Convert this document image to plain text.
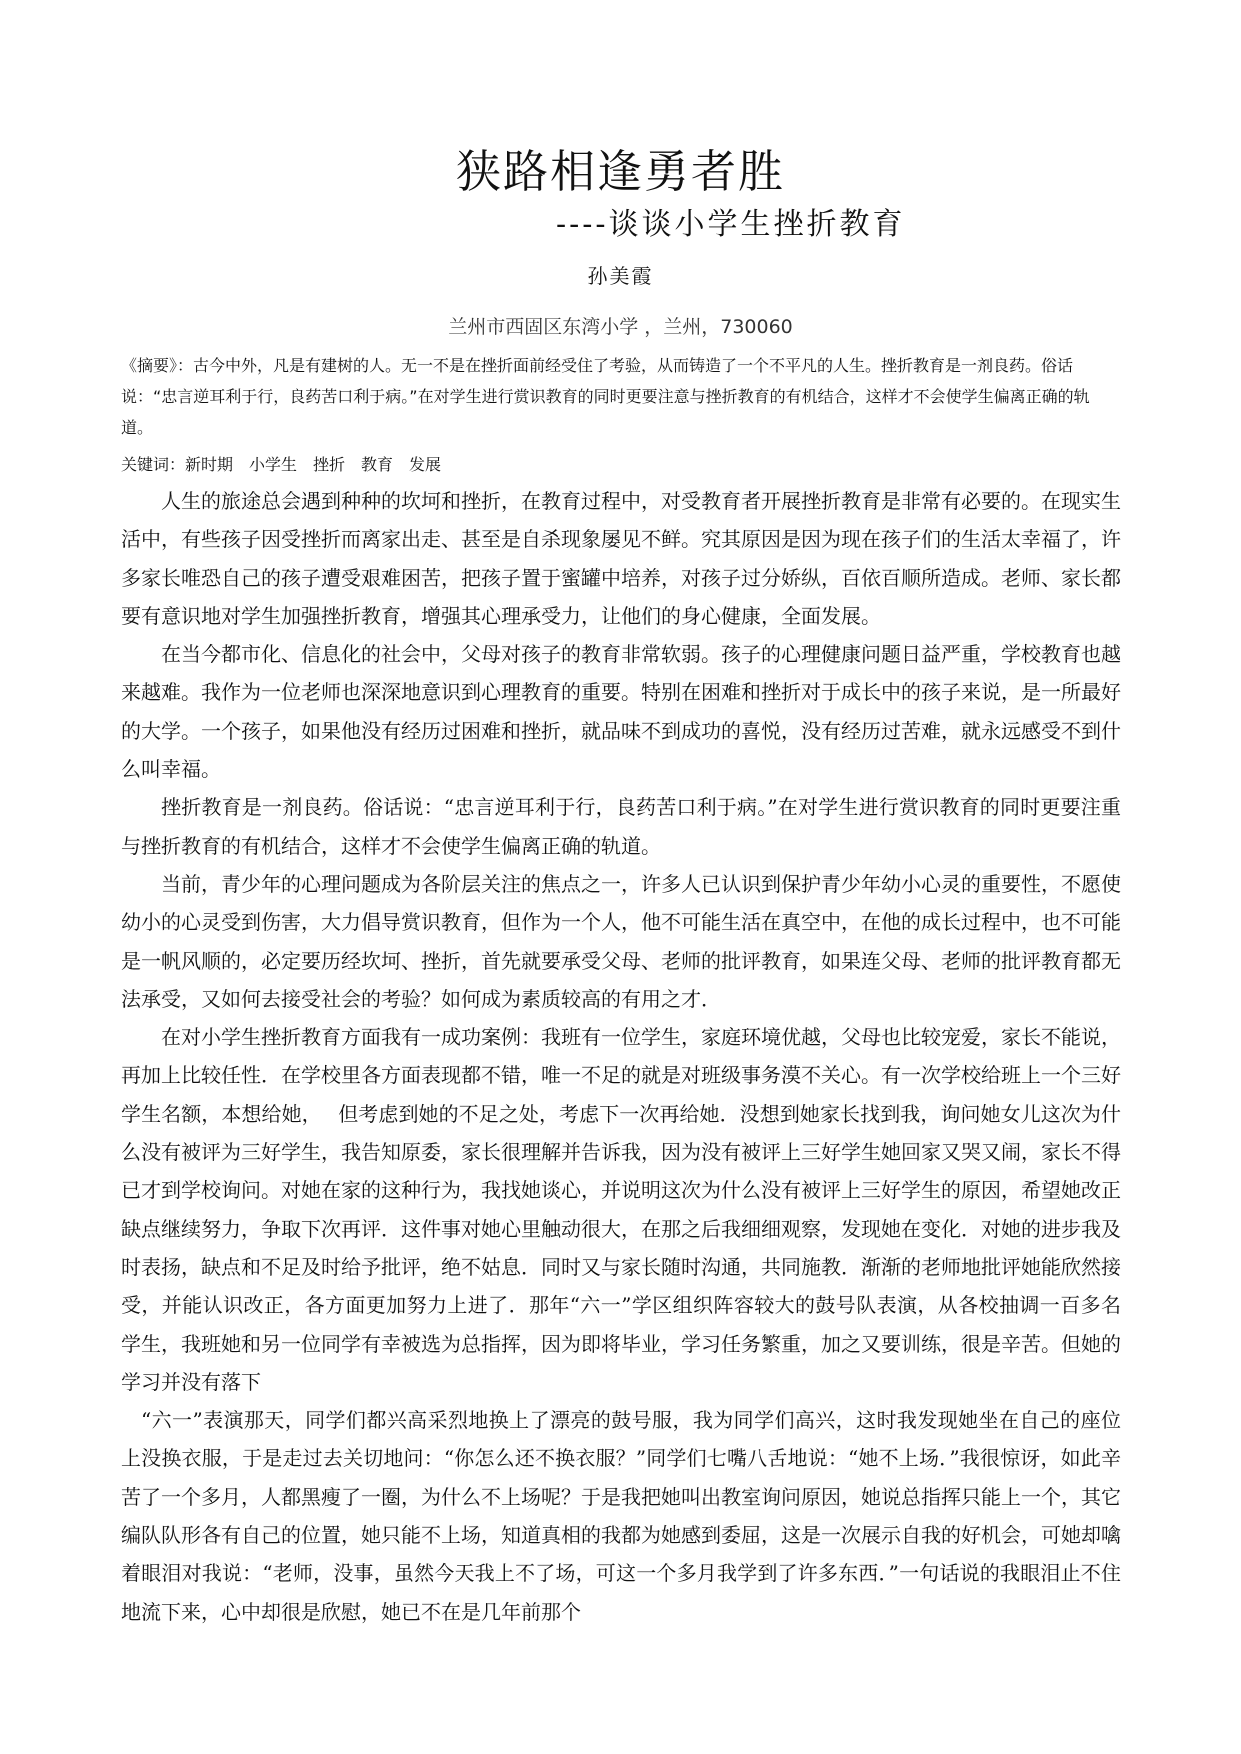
狭路相逢勇者胜
----谈谈小学生挫折教育
孙美霞
兰州市西固区东湾小学 ，兰州，730060
《摘要》：古今中外，凡是有建树的人。无一不是在挫折面前经受住了考验，从而铸造了一个不平凡的人生。挫折教育是一剂良药。俗话说：“忠言逆耳利于行，良药苦口利于病。”在对学生进行赏识教育的同时更要注意与挫折教育的有机结合，这样才不会使学生偏离正确的轨道。
关键词：新时期　小学生　挫折　教育　发展

人生的旅途总会遇到种种的坎坷和挫折，在教育过程中，对受教育者开展挫折教育是非常有必要的。在现实生活中，有些孩子因受挫折而离家出走、甚至是自杀现象屡见不鲜。究其原因是因为现在孩子们的生活太幸福了，许多家长唯恐自己的孩子遭受艰难困苦，把孩子置于蜜罐中培养，对孩子过分娇纵，百依百顺所造成。老师、家长都要有意识地对学生加强挫折教育，增强其心理承受力，让他们的身心健康，全面发展。

在当今都市化、信息化的社会中，父母对孩子的教育非常软弱。孩子的心理健康问题日益严重，学校教育也越来越难。我作为一位老师也深深地意识到心理教育的重要。特别在困难和挫折对于成长中的孩子来说，是一所最好的大学。一个孩子，如果他没有经历过困难和挫折，就品味不到成功的喜悦，没有经历过苦难，就永远感受不到什么叫幸福。

挫折教育是一剂良药。俗话说：“忠言逆耳利于行，良药苦口利于病。”在对学生进行赏识教育的同时更要注重与挫折教育的有机结合，这样才不会使学生偏离正确的轨道。

当前，青少年的心理问题成为各阶层关注的焦点之一，许多人已认识到保护青少年幼小心灵的重要性，不愿使幼小的心灵受到伤害，大力倡导赏识教育，但作为一个人，他不可能生活在真空中，在他的成长过程中，也不可能是一帆风顺的，必定要历经坎坷、挫折，首先就要承受父母、老师的批评教育，如果连父母、老师的批评教育都无法承受，又如何去接受社会的考验？如何成为素质较高的有用之才．

在对小学生挫折教育方面我有一成功案例：我班有一位学生，家庭环境优越，父母也比较宠爱，家长不能说，再加上比较任性．在学校里各方面表现都不错，唯一不足的就是对班级事务漠不关心。有一次学校给班上一个三好学生名额，本想给她，　 但考虑到她的不足之处，考虑下一次再给她．没想到她家长找到我，询问她女儿这次为什么没有被评为三好学生，我告知原委，家长很理解并告诉我，因为没有被评上三好学生她回家又哭又闹，家长不得已才到学校询问。对她在家的这种行为，我找她谈心，并说明这次为什么没有被评上三好学生的原因，希望她改正缺点继续努力，争取下次再评．这件事对她心里触动很大，在那之后我细细观察，发现她在变化．对她的进步我及时表扬，缺点和不足及时给予批评，绝不姑息．同时又与家长随时沟通，共同施教．渐渐的老师地批评她能欣然接受，并能认识改正，各方面更加努力上进了．那年“六一”学区组织阵容较大的鼓号队表演，从各校抽调一百多名学生，我班她和另一位同学有幸被选为总指挥，因为即将毕业，学习任务繁重，加之又要训练，很是辛苦。但她的学习并没有落下

“六一”表演那天，同学们都兴高采烈地换上了漂亮的鼓号服，我为同学们高兴，这时我发现她坐在自己的座位上没换衣服，于是走过去关切地问：“你怎么还不换衣服？”同学们七嘴八舌地说：“她不上场．”我很惊讶，如此辛苦了一个多月，人都黑瘦了一圈，为什么不上场呢？于是我把她叫出教室询问原因，她说总指挥只能上一个，其它编队队形各有自己的位置，她只能不上场，知道真相的我都为她感到委屈，这是一次展示自我的好机会，可她却噙着眼泪对我说：“老师，没事，虽然今天我上不了场，可这一个多月我学到了许多东西．”一句话说的我眼泪止不住地流下来，心中却很是欣慰，她已不在是几年前那个
